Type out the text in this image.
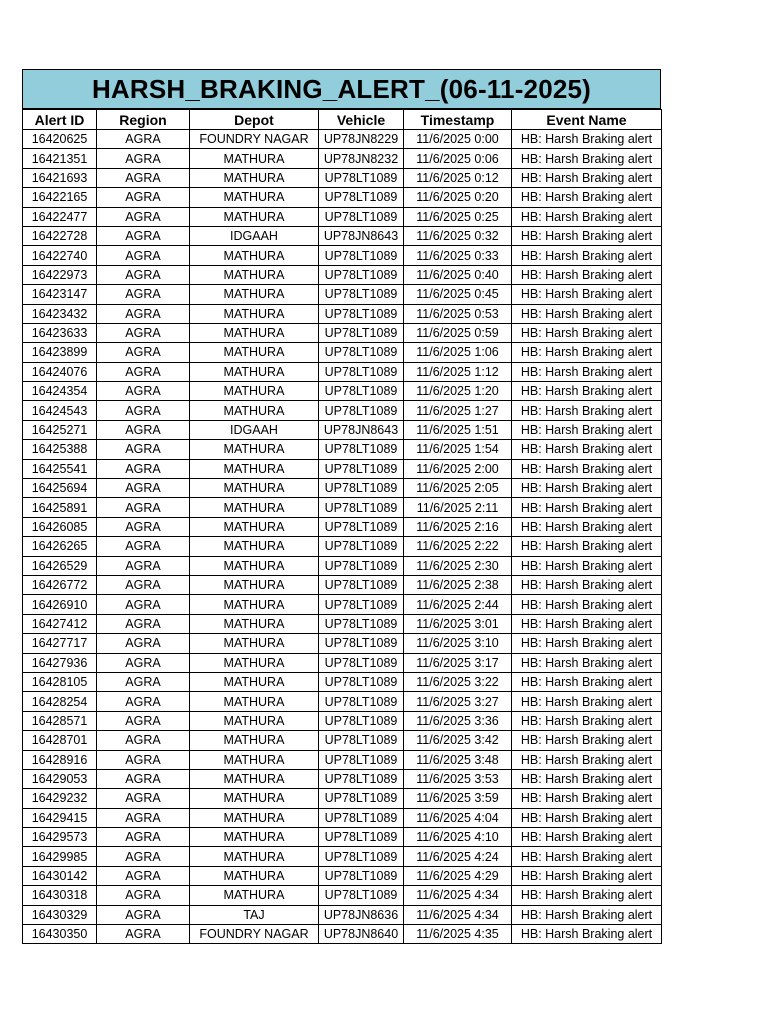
HARSH_BRAKING_ALERT_(06-11-2025)
Alert ID	Region	Depot	Vehicle	Timestamp	Event Name
16420625	AGRA	FOUNDRY NAGAR	UP78JN8229	11/6/2025 0:00	HB: Harsh Braking alert
16421351	AGRA	MATHURA	UP78JN8232	11/6/2025 0:06	HB: Harsh Braking alert
16421693	AGRA	MATHURA	UP78LT1089	11/6/2025 0:12	HB: Harsh Braking alert
16422165	AGRA	MATHURA	UP78LT1089	11/6/2025 0:20	HB: Harsh Braking alert
16422477	AGRA	MATHURA	UP78LT1089	11/6/2025 0:25	HB: Harsh Braking alert
16422728	AGRA	IDGAAH	UP78JN8643	11/6/2025 0:32	HB: Harsh Braking alert
16422740	AGRA	MATHURA	UP78LT1089	11/6/2025 0:33	HB: Harsh Braking alert
16422973	AGRA	MATHURA	UP78LT1089	11/6/2025 0:40	HB: Harsh Braking alert
16423147	AGRA	MATHURA	UP78LT1089	11/6/2025 0:45	HB: Harsh Braking alert
16423432	AGRA	MATHURA	UP78LT1089	11/6/2025 0:53	HB: Harsh Braking alert
16423633	AGRA	MATHURA	UP78LT1089	11/6/2025 0:59	HB: Harsh Braking alert
16423899	AGRA	MATHURA	UP78LT1089	11/6/2025 1:06	HB: Harsh Braking alert
16424076	AGRA	MATHURA	UP78LT1089	11/6/2025 1:12	HB: Harsh Braking alert
16424354	AGRA	MATHURA	UP78LT1089	11/6/2025 1:20	HB: Harsh Braking alert
16424543	AGRA	MATHURA	UP78LT1089	11/6/2025 1:27	HB: Harsh Braking alert
16425271	AGRA	IDGAAH	UP78JN8643	11/6/2025 1:51	HB: Harsh Braking alert
16425388	AGRA	MATHURA	UP78LT1089	11/6/2025 1:54	HB: Harsh Braking alert
16425541	AGRA	MATHURA	UP78LT1089	11/6/2025 2:00	HB: Harsh Braking alert
16425694	AGRA	MATHURA	UP78LT1089	11/6/2025 2:05	HB: Harsh Braking alert
16425891	AGRA	MATHURA	UP78LT1089	11/6/2025 2:11	HB: Harsh Braking alert
16426085	AGRA	MATHURA	UP78LT1089	11/6/2025 2:16	HB: Harsh Braking alert
16426265	AGRA	MATHURA	UP78LT1089	11/6/2025 2:22	HB: Harsh Braking alert
16426529	AGRA	MATHURA	UP78LT1089	11/6/2025 2:30	HB: Harsh Braking alert
16426772	AGRA	MATHURA	UP78LT1089	11/6/2025 2:38	HB: Harsh Braking alert
16426910	AGRA	MATHURA	UP78LT1089	11/6/2025 2:44	HB: Harsh Braking alert
16427412	AGRA	MATHURA	UP78LT1089	11/6/2025 3:01	HB: Harsh Braking alert
16427717	AGRA	MATHURA	UP78LT1089	11/6/2025 3:10	HB: Harsh Braking alert
16427936	AGRA	MATHURA	UP78LT1089	11/6/2025 3:17	HB: Harsh Braking alert
16428105	AGRA	MATHURA	UP78LT1089	11/6/2025 3:22	HB: Harsh Braking alert
16428254	AGRA	MATHURA	UP78LT1089	11/6/2025 3:27	HB: Harsh Braking alert
16428571	AGRA	MATHURA	UP78LT1089	11/6/2025 3:36	HB: Harsh Braking alert
16428701	AGRA	MATHURA	UP78LT1089	11/6/2025 3:42	HB: Harsh Braking alert
16428916	AGRA	MATHURA	UP78LT1089	11/6/2025 3:48	HB: Harsh Braking alert
16429053	AGRA	MATHURA	UP78LT1089	11/6/2025 3:53	HB: Harsh Braking alert
16429232	AGRA	MATHURA	UP78LT1089	11/6/2025 3:59	HB: Harsh Braking alert
16429415	AGRA	MATHURA	UP78LT1089	11/6/2025 4:04	HB: Harsh Braking alert
16429573	AGRA	MATHURA	UP78LT1089	11/6/2025 4:10	HB: Harsh Braking alert
16429985	AGRA	MATHURA	UP78LT1089	11/6/2025 4:24	HB: Harsh Braking alert
16430142	AGRA	MATHURA	UP78LT1089	11/6/2025 4:29	HB: Harsh Braking alert
16430318	AGRA	MATHURA	UP78LT1089	11/6/2025 4:34	HB: Harsh Braking alert
16430329	AGRA	TAJ	UP78JN8636	11/6/2025 4:34	HB: Harsh Braking alert
16430350	AGRA	FOUNDRY NAGAR	UP78JN8640	11/6/2025 4:35	HB: Harsh Braking alert
